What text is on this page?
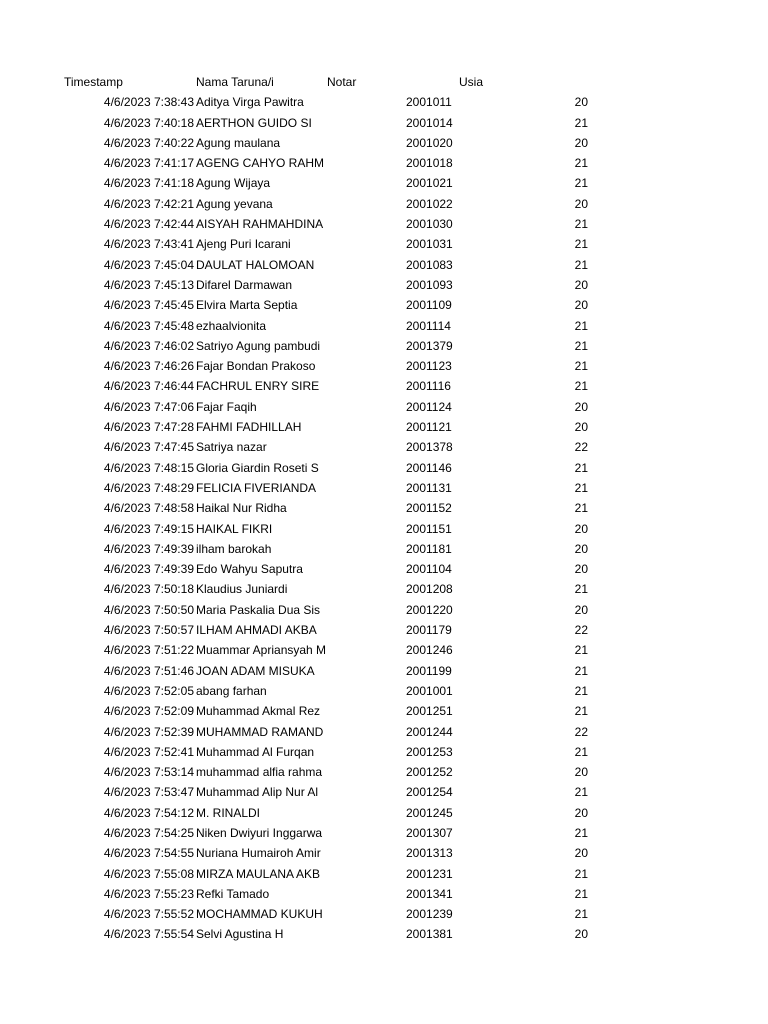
Timestamp	Nama Taruna/i	Notar	Usia
4/6/2023 7:38:43 Aditya Virga Pawitra	2001011	20
4/6/2023 7:40:18 AERTHON GUIDO SI	2001014	21
4/6/2023 7:40:22 Agung maulana	2001020	20
4/6/2023 7:41:17 AGENG CAHYO RAHM	2001018	21
4/6/2023 7:41:18 Agung Wijaya	2001021	21
4/6/2023 7:42:21 Agung yevana	2001022	20
4/6/2023 7:42:44 AISYAH RAHMAHDINA	2001030	21
4/6/2023 7:43:41 Ajeng Puri Icarani	2001031	21
4/6/2023 7:45:04 DAULAT HALOMOAN	2001083	21
4/6/2023 7:45:13 Difarel Darmawan	2001093	20
4/6/2023 7:45:45 Elvira Marta Septia	2001109	20
4/6/2023 7:45:48 ezhaalvionita	2001114	21
4/6/2023 7:46:02 Satriyo Agung pambudi	2001379	21
4/6/2023 7:46:26 Fajar Bondan Prakoso	2001123	21
4/6/2023 7:46:44 FACHRUL ENRY SIRE	2001116	21
4/6/2023 7:47:06 Fajar Faqih	2001124	20
4/6/2023 7:47:28 FAHMI FADHILLAH	2001121	20
4/6/2023 7:47:45 Satriya nazar	2001378	22
4/6/2023 7:48:15 Gloria Giardin Roseti S	2001146	21
4/6/2023 7:48:29 FELICIA FIVERIANDA	2001131	21
4/6/2023 7:48:58 Haikal Nur Ridha	2001152	21
4/6/2023 7:49:15 HAIKAL FIKRI	2001151	20
4/6/2023 7:49:39 ilham barokah	2001181	20
4/6/2023 7:49:39 Edo Wahyu Saputra	2001104	20
4/6/2023 7:50:18 Klaudius Juniardi	2001208	21
4/6/2023 7:50:50 Maria Paskalia Dua Sis	2001220	20
4/6/2023 7:50:57 ILHAM AHMADI AKBA	2001179	22
4/6/2023 7:51:22 Muammar Apriansyah M	2001246	21
4/6/2023 7:51:46 JOAN ADAM MISUKA	2001199	21
4/6/2023 7:52:05 abang farhan	2001001	21
4/6/2023 7:52:09 Muhammad Akmal Rez	2001251	21
4/6/2023 7:52:39 MUHAMMAD RAMAND	2001244	22
4/6/2023 7:52:41 Muhammad Al Furqan	2001253	21
4/6/2023 7:53:14 muhammad alfia rahma	2001252	20
4/6/2023 7:53:47 Muhammad Alip Nur Al	2001254	21
4/6/2023 7:54:12 M. RINALDI	2001245	20
4/6/2023 7:54:25 Niken Dwiyuri Inggarwa	2001307	21
4/6/2023 7:54:55 Nuriana Humairoh Amir	2001313	20
4/6/2023 7:55:08 MIRZA MAULANA AKB	2001231	21
4/6/2023 7:55:23 Refki Tamado	2001341	21
4/6/2023 7:55:52 MOCHAMMAD KUKUH	2001239	21
4/6/2023 7:55:54 Selvi Agustina H	2001381	20
